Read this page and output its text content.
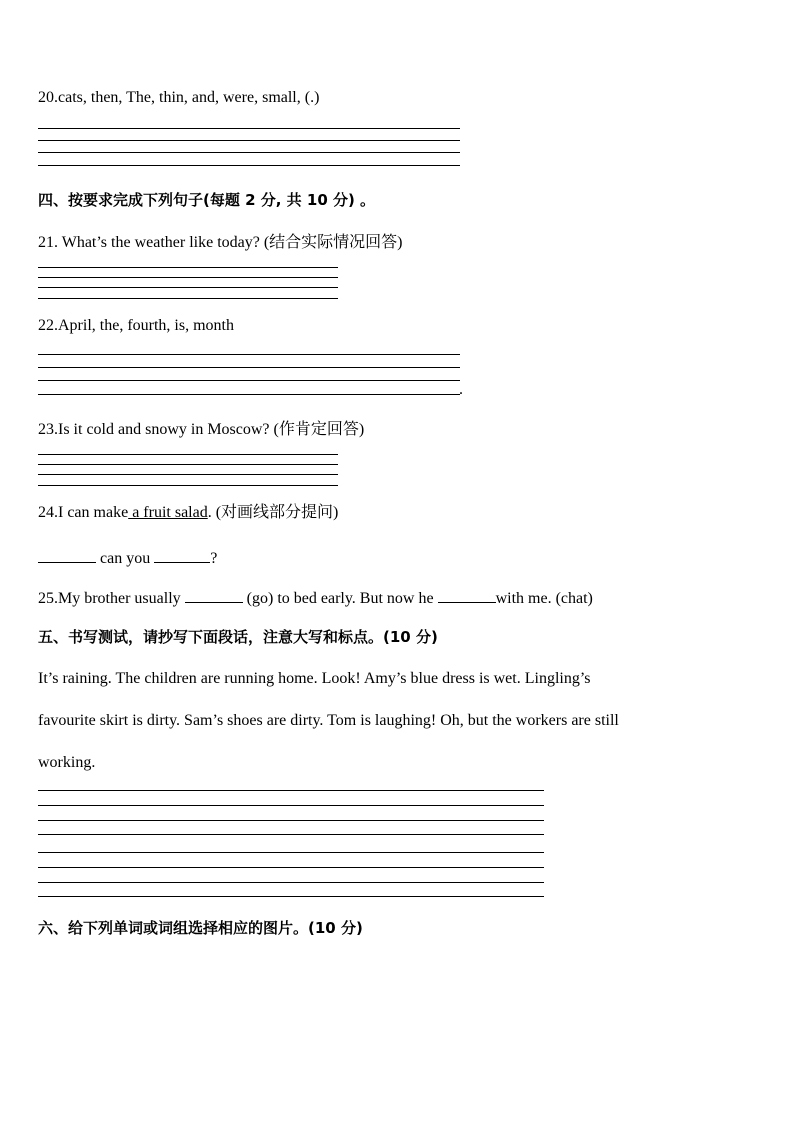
20.cats, then, The, thin, and, were, small, (.)
四、按要求完成下列句子(每题 2 分, 共 10 分) 。
21. What’s the weather like today? (结合实际情况回答)
22.April, the, fourth, is, month
.
23.Is it cold and snowy in Moscow? (作肯定回答)
24.I can make a fruit salad. (对画线部分提问)
can you	?
25.My brother usually	(go) to bed early. But now he	with me. (chat)
五、书写测试，请抄写下面段话，注意大写和标点。(10 分)
It’s raining. The children are running home. Look! Amy’s blue dress is wet. Lingling’s
favourite skirt is dirty. Sam’s shoes are dirty. Tom is laughing! Oh, but the workers are still
working.
六、给下列单词或词组选择相应的图片。(10 分)
